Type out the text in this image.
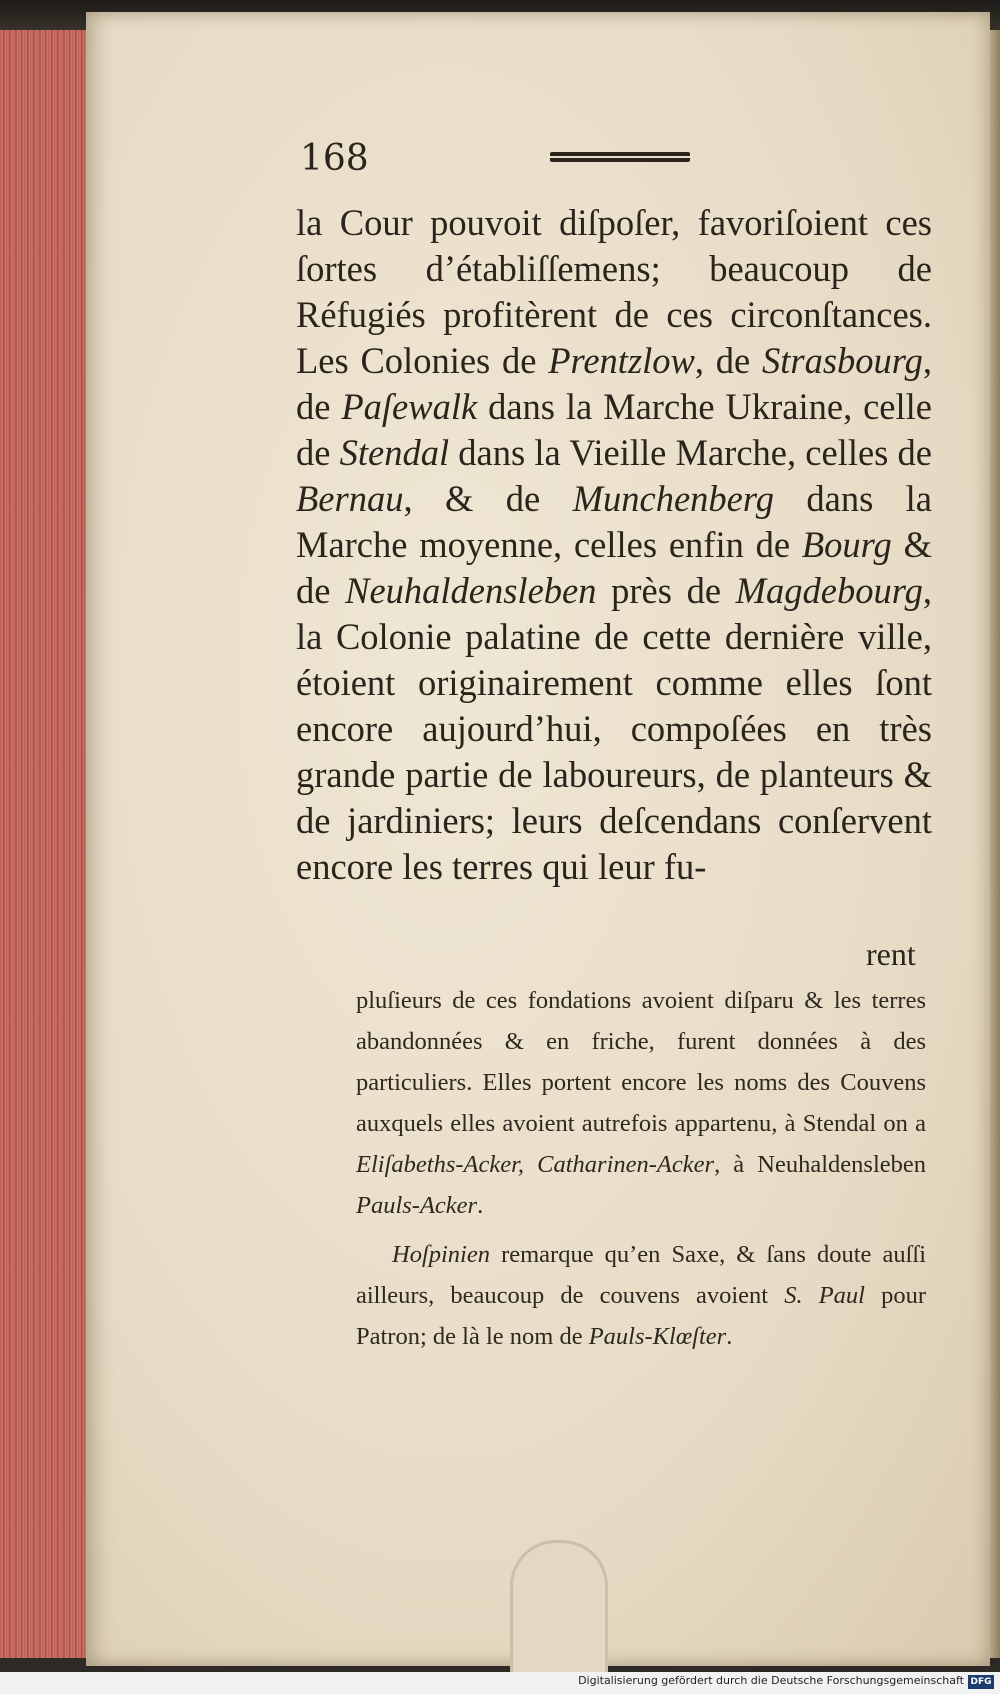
168

la Cour pouvoit diſpoſer, favoriſoient ces ſortes d’établiſſemens; beaucoup de Réfugiés profitèrent de ces circonſtances. Les Colonies de Prentzlow, de Strasbourg, de Paſewalk dans la Marche Ukraine, celle de Stendal dans la Vieille Marche, celles de Bernau, & de Munchenberg dans la Marche moyenne, celles enfin de Bourg & de Neuhaldensleben près de Magdebourg, la Colonie palatine de cette dernière ville, étoient originairement comme elles ſont encore aujourd’hui, compoſées en très grande partie de laboureurs, de planteurs & de jardiniers; leurs deſcendans conſervent encore les terres qui leur fu-

rent

pluſieurs de ces fondations avoient diſparu & les terres abandonnées & en friche, furent données à des particuliers. Elles portent encore les noms des Couvens auxquels elles avoient autrefois appartenu, à Stendal on a Eliſabeths-Acker, Catharinen-Acker, à Neuhaldensleben Pauls-Acker.

Hoſpinien remarque qu’en Saxe, & ſans doute auſſi ailleurs, beaucoup de couvens avoient S. Paul pour Patron; de là le nom de Pauls-Klœſter.

Digitalisierung gefördert durch die Deutsche Forschungsgemeinschaft DFG
